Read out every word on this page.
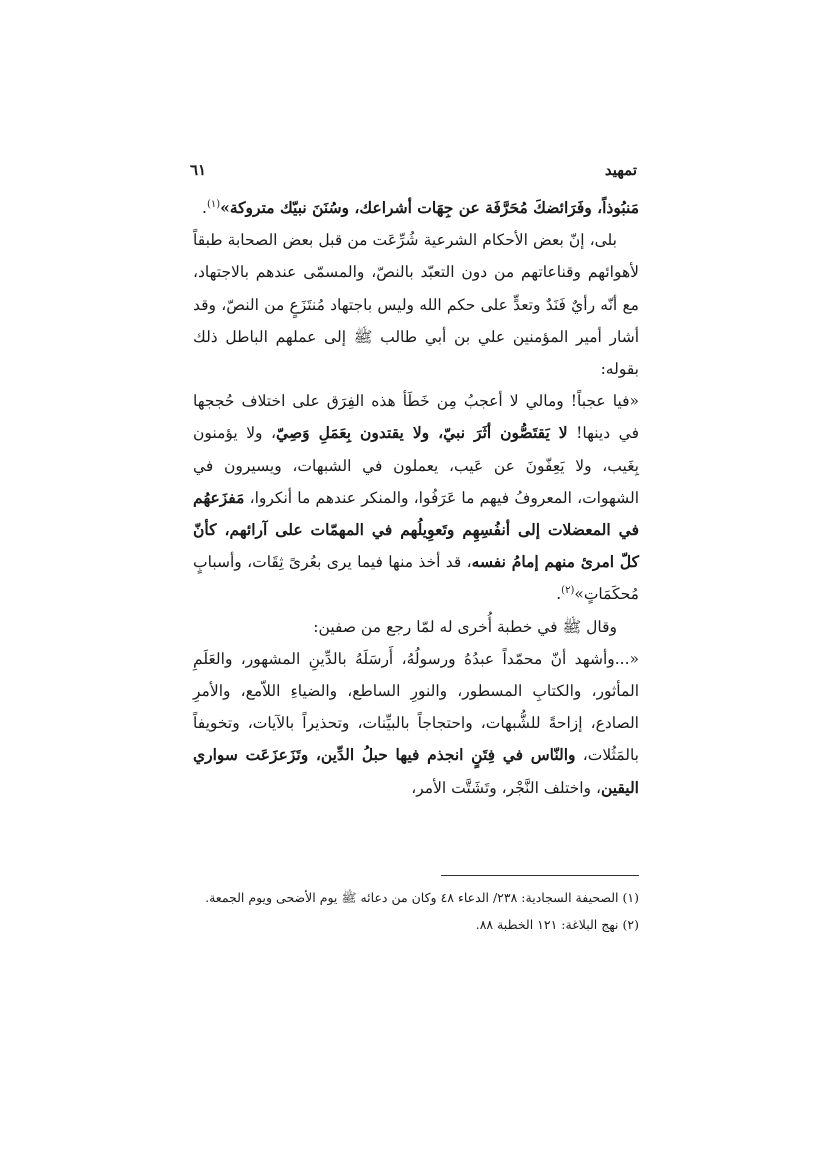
تمهيد
٦١

مَنبُوذاً، وفَرَائضكَ مُحَرَّفَة عن جِهَات أشراعك، وسُنَنَ نبيّك متروكة»$^{(١)}$.

بلى، إنّ بعض الأحكام الشرعية شُرِّعَت من قبل بعض الصحابة طبقاً لأهوائهم وقناعاتهم من دون التعبّد بالنصّ، والمسمّى عندهم بالاجتهاد، مع أنّه رأيٌ فَنَدٌ وتعدٍّ على حكم الله وليس باجتهاد مُنتَزَعٍ من النصّ، وقد أشار أمير المؤمنين علي بن أبي طالب ﷺ إلى عملهم الباطل ذلك بقوله:

«فيا عجباً! ومالي لا أعجبُ مِن خَطَأ هذه الفِرَق على اختلاف حُججها في دينها! لا يَقتَصُّون أثَرَ نبيّ، ولا يقتدون بِعَمَلِ وَصِيّ، ولا يؤمنون بِغَيب، ولا يَعِفّونَ عن عَيب، يعملون في الشبهات، ويسيرون في الشهوات، المعروفُ فيهم ما عَرَفُوا، والمنكر عندهم ما أنكروا، مَفزَعهُم في المعضلات إلى أنفُسِهِم وتَعوِيلُهم في المهمّات على آرائهم، كأنّ كلّ امرئ منهم إمامُ نفسه، قد أخذ منها فيما يرى بعُرىً ثِقَات، وأسبابٍ مُحكَمَاتٍ»$^{(٢)}$.

وقال ﷺ في خطبة أُخرى له لمّا رجع من صفين:

«...وأشهد أنّ محمّداً عبدُهُ ورسولُهُ، أَرسَلَهُ بالدِّينِ المشهور، والعَلَمِ المأثور، والكتابِ المسطور، والنورِ الساطع، والضياءِ اللاّمع، والأمرِ الصادع، إزاحةً للشُّبهات، واحتجاجاً بالبيِّنات، وتحذيراً بالآيات، وتخويفاً بالمَثُلات، والنّاس في فِتَنٍ انجذم فيها حبلُ الدِّين، وتَزَعزَعَت سواري اليقين، واختلف النَّجْر، وتَشَتَّت الأمر،

(١) الصحيفة السجادية: ٢٣٨/ الدعاء ٤٨ وكان من دعائه ﷺ يوم الأضحى ويوم الجمعة.

(٢) نهج البلاغة: ١٢١ الخطبة ٨٨.
